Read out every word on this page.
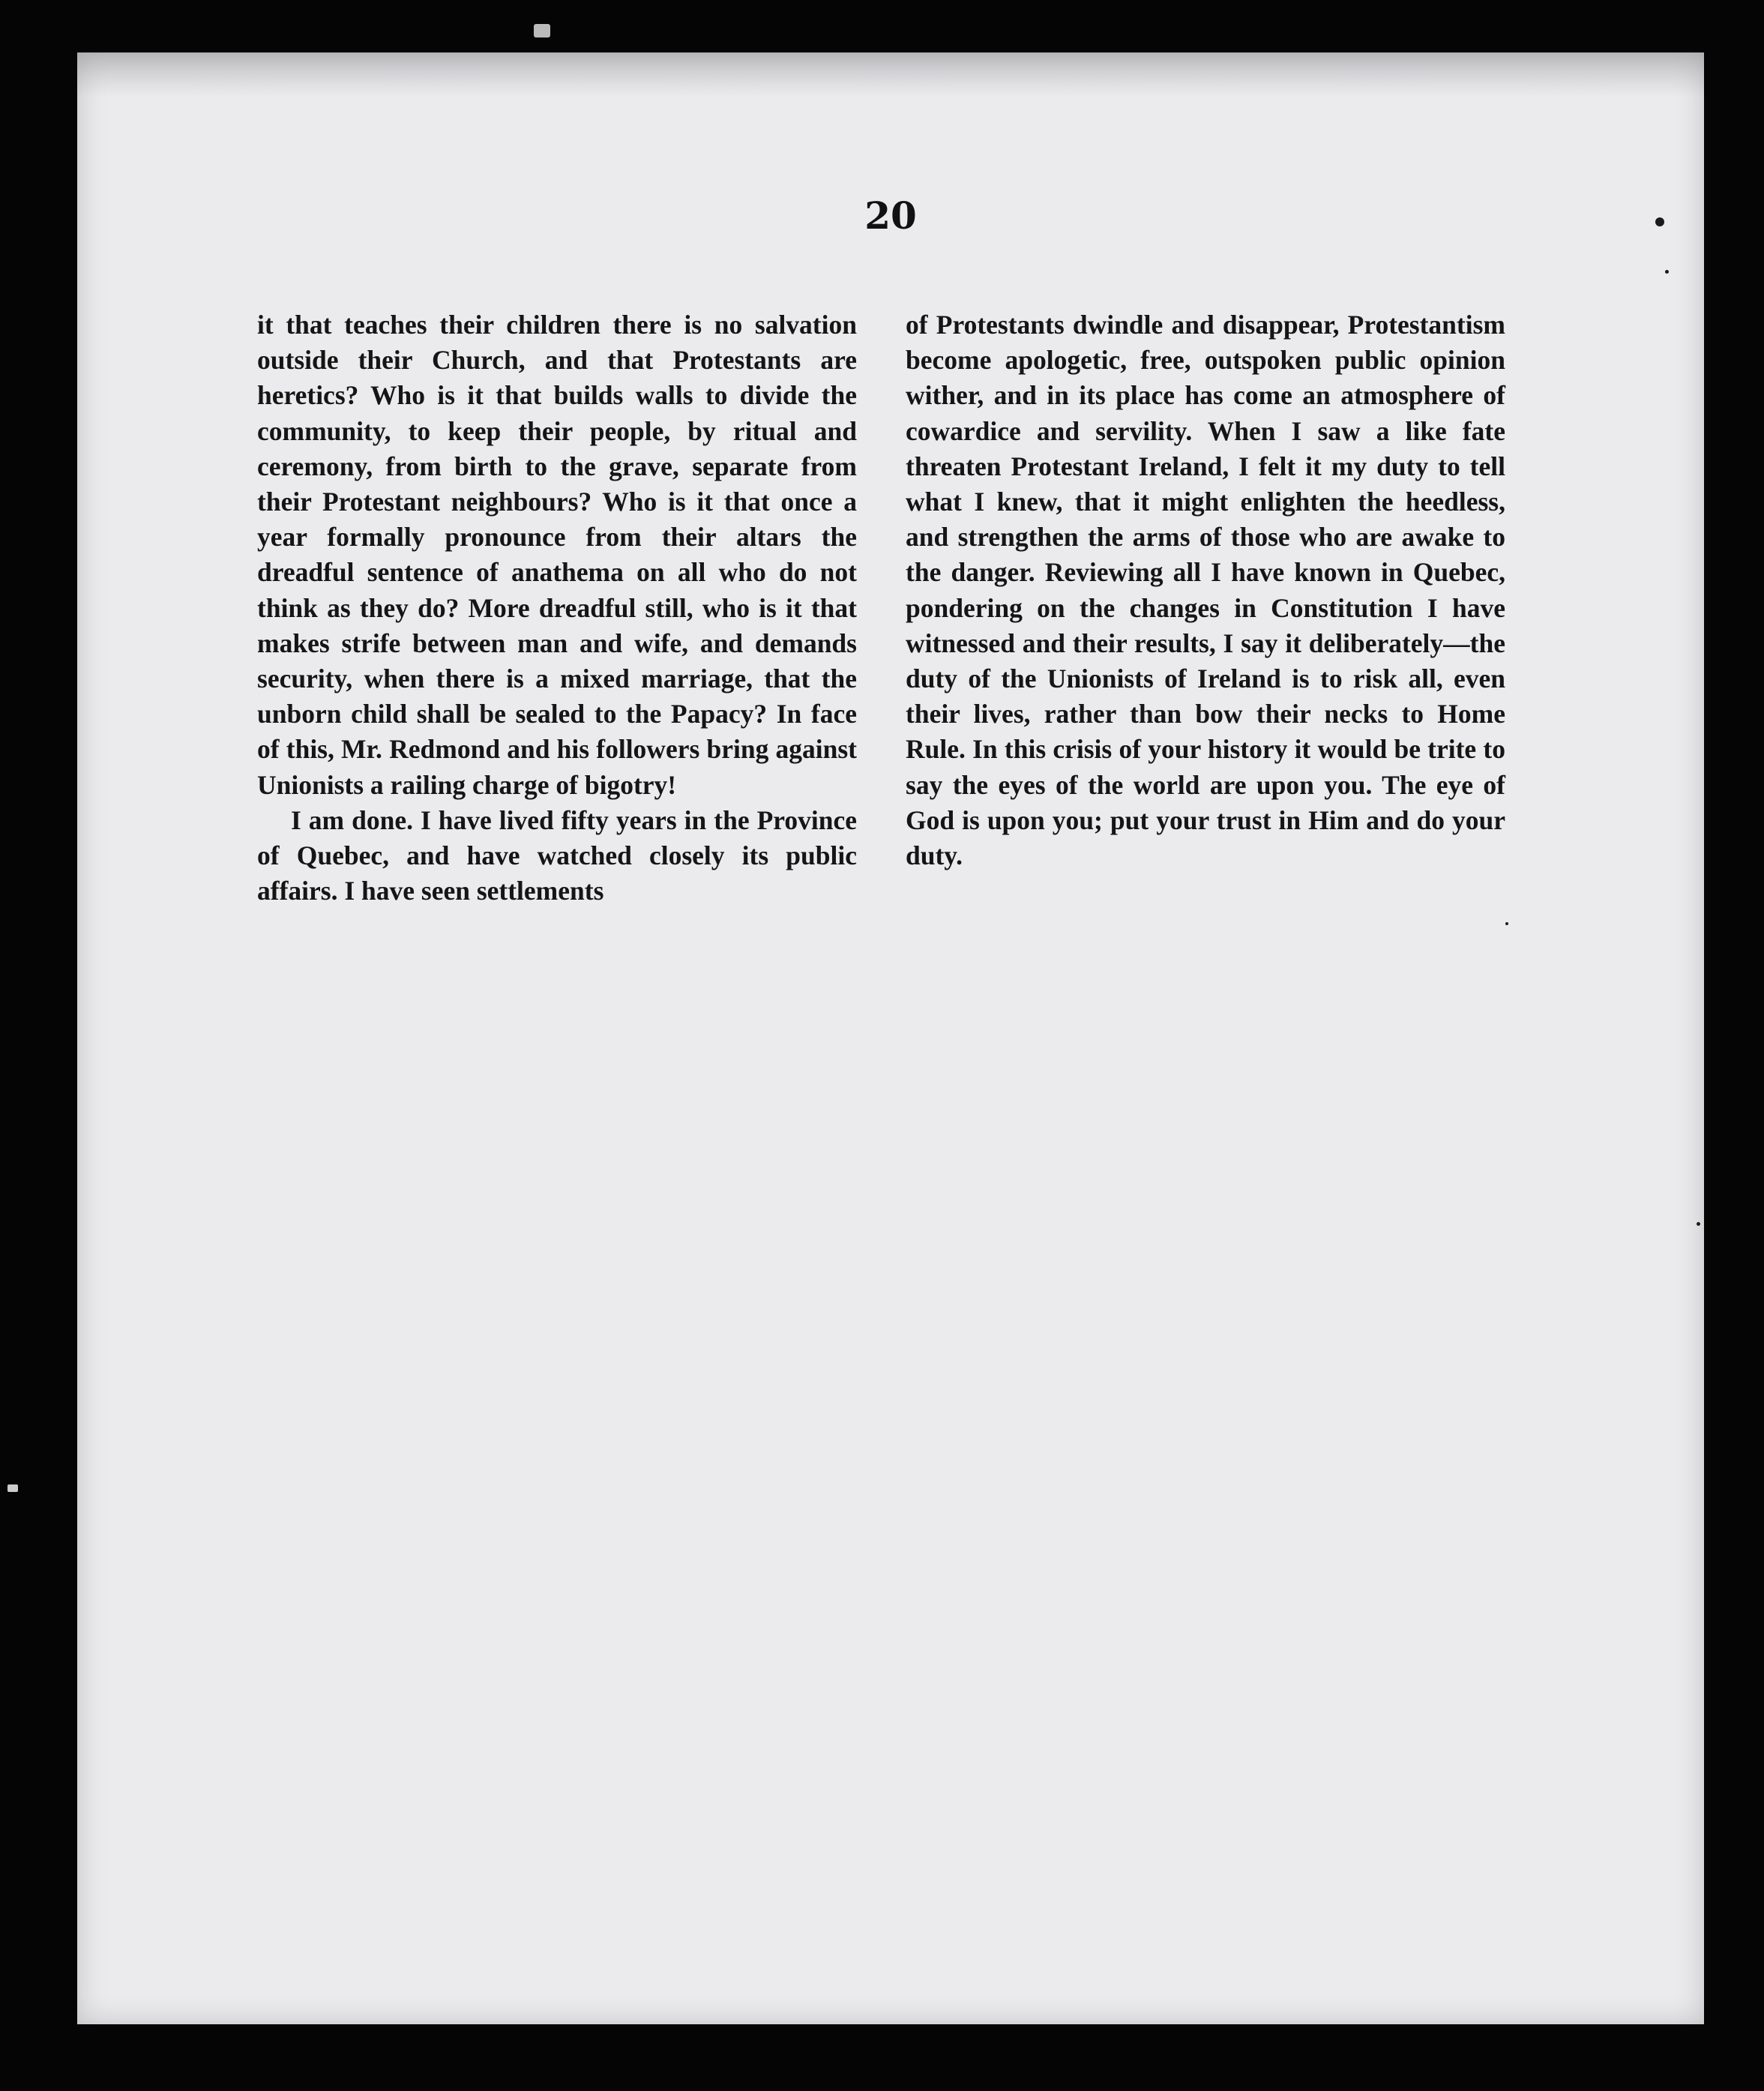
20

it that teaches their children there is no salvation outside their Church, and that Protestants are heretics? Who is it that builds walls to divide the community, to keep their people, by ritual and ceremony, from birth to the grave, separate from their Protestant neighbours? Who is it that once a year formally pronounce from their altars the dreadful sentence of anathema on all who do not think as they do? More dreadful still, who is it that makes strife between man and wife, and demands security, when there is a mixed marriage, that the unborn child shall be sealed to the Papacy? In face of this, Mr. Redmond and his followers bring against Unionists a railing charge of bigotry!

I am done. I have lived fifty years in the Province of Quebec, and have watched closely its public affairs. I have seen settlements

of Protestants dwindle and disappear, Protestantism become apologetic, free, outspoken public opinion wither, and in its place has come an atmosphere of cowardice and servility. When I saw a like fate threaten Protestant Ireland, I felt it my duty to tell what I knew, that it might enlighten the heedless, and strengthen the arms of those who are awake to the danger. Reviewing all I have known in Quebec, pondering on the changes in Constitution I have witnessed and their results, I say it deliberately—the duty of the Unionists of Ireland is to risk all, even their lives, rather than bow their necks to Home Rule. In this crisis of your history it would be trite to say the eyes of the world are upon you. The eye of God is upon you; put your trust in Him and do your duty.
